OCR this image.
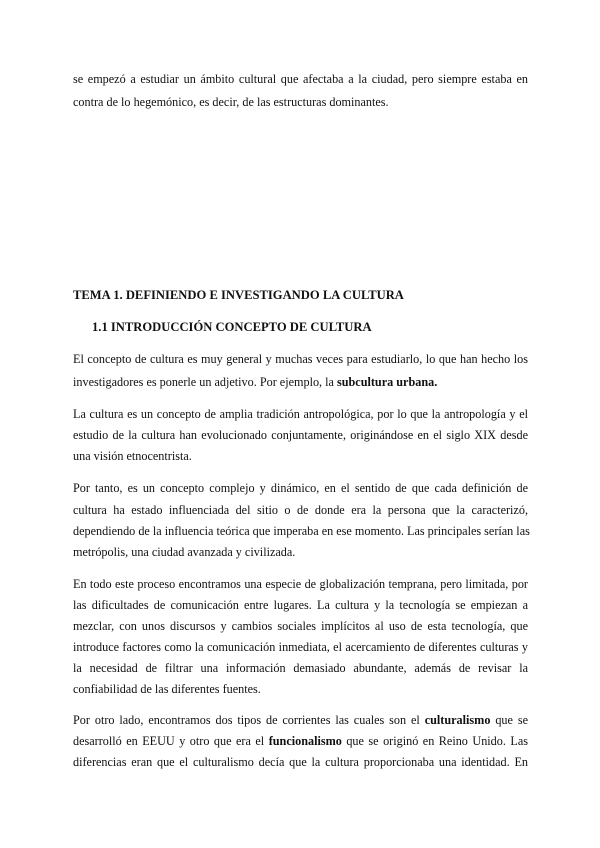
se empezó a estudiar un ámbito cultural que afectaba a la ciudad, pero siempre estaba en
contra de lo hegemónico, es decir, de las estructuras dominantes.
TEMA 1. DEFINIENDO E INVESTIGANDO LA CULTURA
1.1 INTRODUCCIÓN CONCEPTO DE CULTURA
El concepto de cultura es muy general y muchas veces para estudiarlo, lo que han hecho los
investigadores es ponerle un adjetivo. Por ejemplo, la subcultura urbana.
La cultura es un concepto de amplia tradición antropológica, por lo que la antropología y el
estudio de la cultura han evolucionado conjuntamente, originándose en el siglo XIX desde
una visión etnocentrista.
Por tanto, es un concepto complejo y dinámico, en el sentido de que cada definición de
cultura ha estado influenciada del sitio o de donde era la persona que la caracterizó,
dependiendo de la influencia teórica que imperaba en ese momento. Las principales serían las
metrópolis, una ciudad avanzada y civilizada.
En todo este proceso encontramos una especie de globalización temprana, pero limitada, por
las dificultades de comunicación entre lugares. La cultura y la tecnología se empiezan a
mezclar, con unos discursos y cambios sociales implícitos al uso de esta tecnología, que
introduce factores como la comunicación inmediata, el acercamiento de diferentes culturas y
la necesidad de filtrar una información demasiado abundante, además de revisar la
confiabilidad de las diferentes fuentes.
Por otro lado, encontramos dos tipos de corrientes las cuales son el culturalismo que se
desarrolló en EEUU y otro que era el funcionalismo que se originó en Reino Unido. Las
diferencias eran que el culturalismo decía que la cultura proporcionaba una identidad. En
